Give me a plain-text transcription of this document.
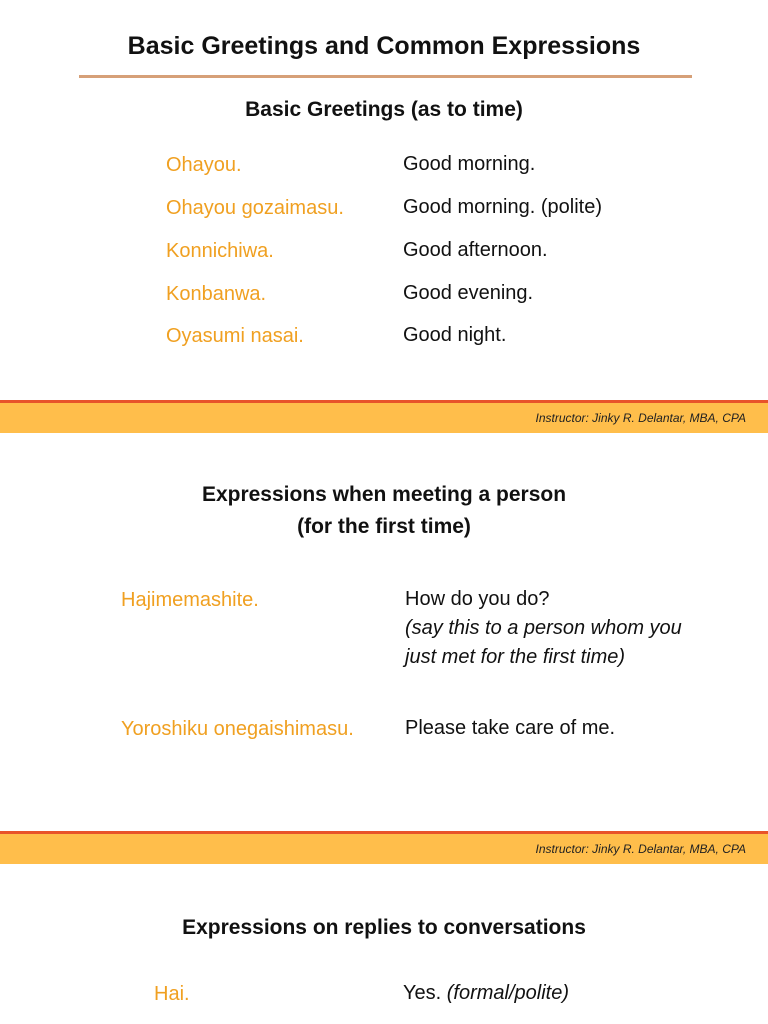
Basic Greetings and Common Expressions
Basic Greetings (as to time)
Ohayou.	Good morning.
Ohayou gozaimasu.	Good morning. (polite)
Konnichiwa.	Good afternoon.
Konbanwa.	Good evening.
Oyasumi nasai.	Good night.
Instructor: Jinky R. Delantar, MBA, CPA
Expressions when meeting a person
(for the first time)
Hajimemashite.	How do you do?
(say this to a person whom you just met for the first time)
Yoroshiku onegaishimasu.	Please take care of me.
Instructor: Jinky R. Delantar, MBA, CPA
Expressions on replies to conversations
Hai.	Yes. (formal/polite)
